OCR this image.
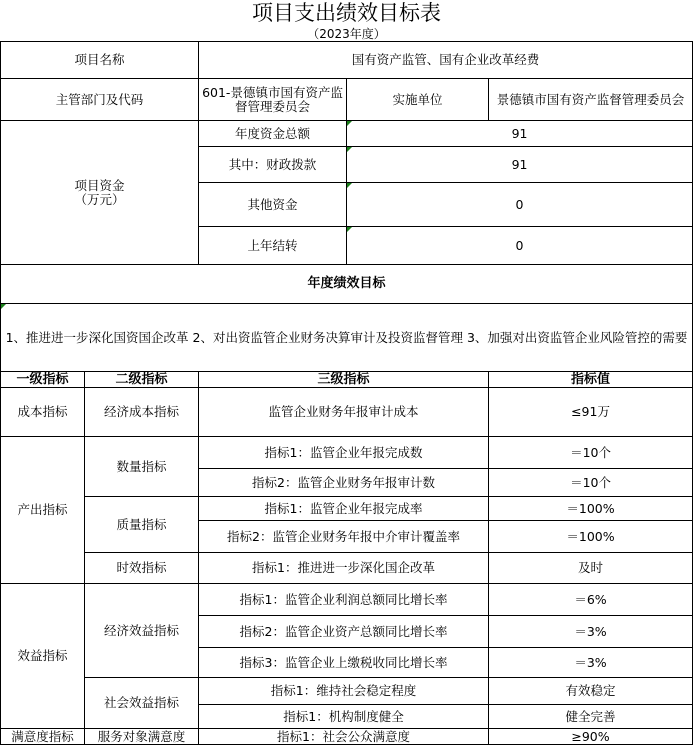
项目支出绩效目标表
（2023年度）
项目名称		国有资产监管、国有企业改革经费		
主管部门及代码		601-景德镇市国有资产监督管理委员会	实施单位	景德镇市国有资产监督管理委员会
项目资金
（万元）		年度资金总额	91	
		其中：财政拨款	91	
		其他资金	0	
		上年结转	0	
年度绩效目标				
1、推进进一步深化国资国企改革 2、对出资监管企业财务决算审计及投资监督管理 3、加强对出资监管企业风险管控的需要				
一级指标	二级指标	三级指标		指标值
成本指标	经济成本指标	监管企业财务年报审计成本		≤91万
产出指标	数量指标	指标1：监管企业年报完成数		＝10个
		指标2：监管企业财务年报审计数		＝10个
	质量指标	指标1：监管企业年报完成率		＝100%
		指标2：监管企业财务年报中介审计覆盖率		＝100%
	时效指标	指标1：推进进一步深化国企改革		及时
效益指标	经济效益指标	指标1：监管企业利润总额同比增长率		＝6%
		指标2：监管企业资产总额同比增长率		＝3%
		指标3：监管企业上缴税收同比增长率		＝3%
	社会效益指标	指标1：维持社会稳定程度		有效稳定
		指标1：机构制度健全		健全完善
满意度指标	服务对象满意度	指标1：社会公众满意度		≥90%
